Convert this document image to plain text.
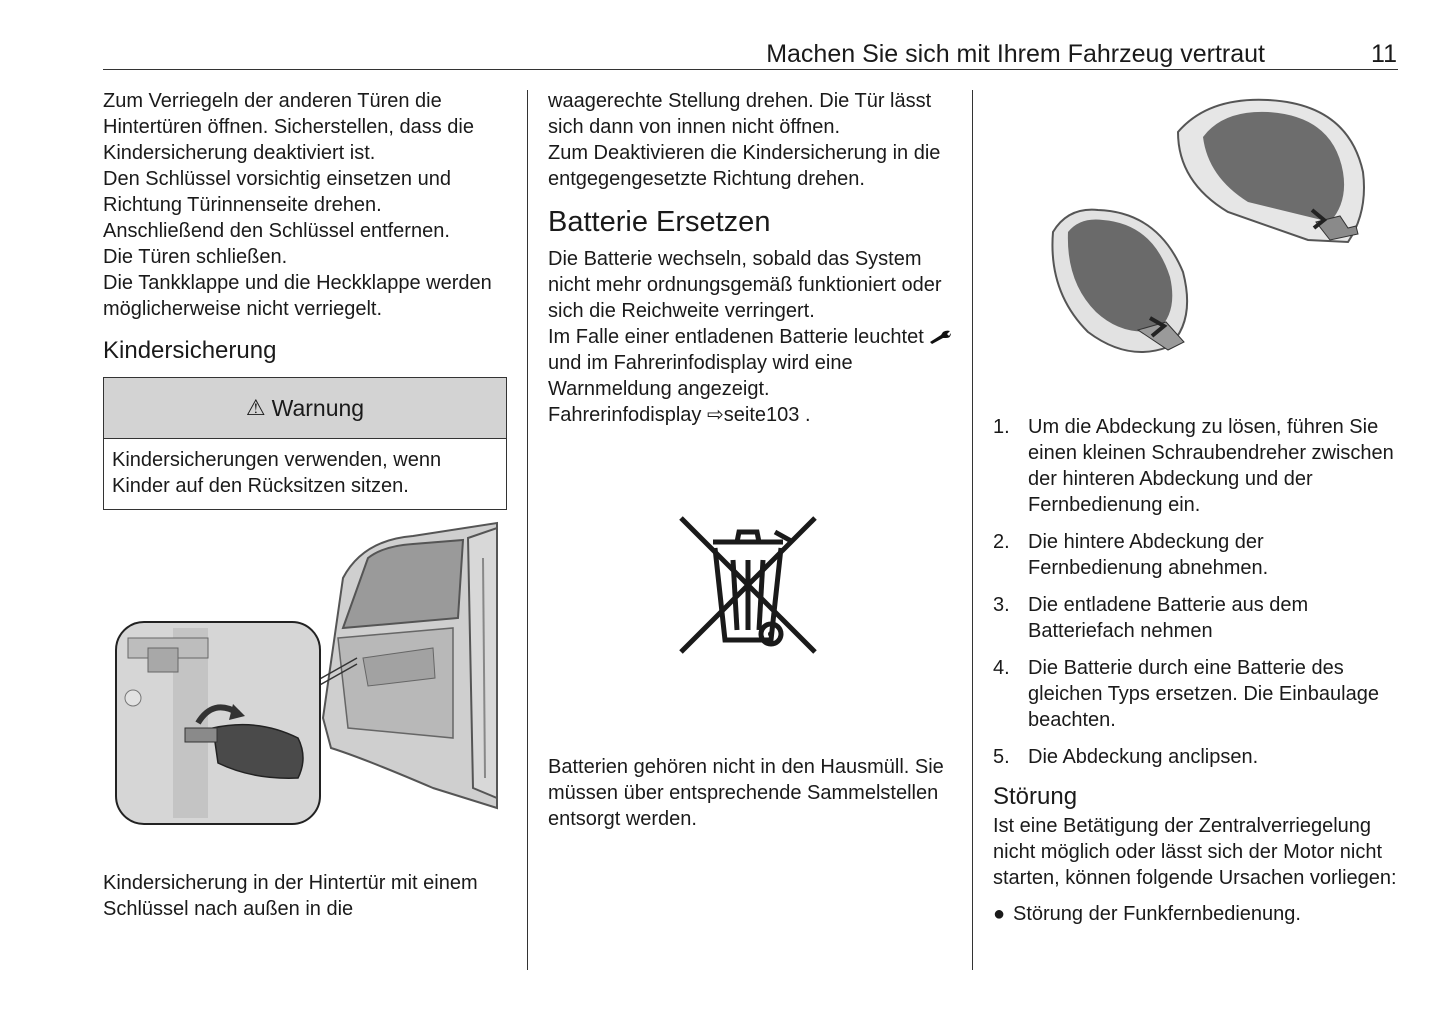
Machen Sie sich mit Ihrem Fahrzeug vertraut	11

Zum Verriegeln der anderen Türen die Hintertüren öffnen. Sicherstellen, dass die Kindersicherung deaktiviert ist.

Den Schlüssel vorsichtig einsetzen und Richtung Türinnenseite drehen.

Anschließend den Schlüssel entfernen.

Die Türen schließen.

Die Tankklappe und die Heckklappe werden möglicherweise nicht verriegelt.

Kindersicherung

⚠ Warnung
Kindersicherungen verwenden, wenn Kinder auf den Rücksitzen sitzen.
Kindersicherung in der Hintertür mit einem Schlüssel nach außen in die

waagerechte Stellung drehen. Die Tür lässt sich dann von innen nicht öffnen.

Zum Deaktivieren die Kindersicherung in die entgegengesetzte Richtung drehen.

Batterie Ersetzen

Die Batterie wechseln, sobald das System nicht mehr ordnungsgemäß funktioniert oder sich die Reichweite verringert.

Im Falle einer entladenen Batterie leuchtet  und im Fahrerinfodisplay wird eine Warnmeldung angezeigt.

Fahrerinfodisplay ⇨seite103 .

Batterien gehören nicht in den Hausmüll. Sie müssen über entsprechende Sammelstellen entsorgt werden.
1. Um die Abdeckung zu lösen, führen Sie einen kleinen Schraubendreher zwischen der hinteren Abdeckung und der Fernbedienung ein.
2. Die hintere Abdeckung der Fernbedienung abnehmen.
3. Die entladene Batterie aus dem Batteriefach nehmen
4. Die Batterie durch eine Batterie des gleichen Typs ersetzen. Die Einbaulage beachten.
5. Die Abdeckung anclipsen.

Störung

Ist eine Betätigung der Zentralverriegelung nicht möglich oder lässt sich der Motor nicht starten, können folgende Ursachen vorliegen:

● Störung der Funkfernbedienung.
